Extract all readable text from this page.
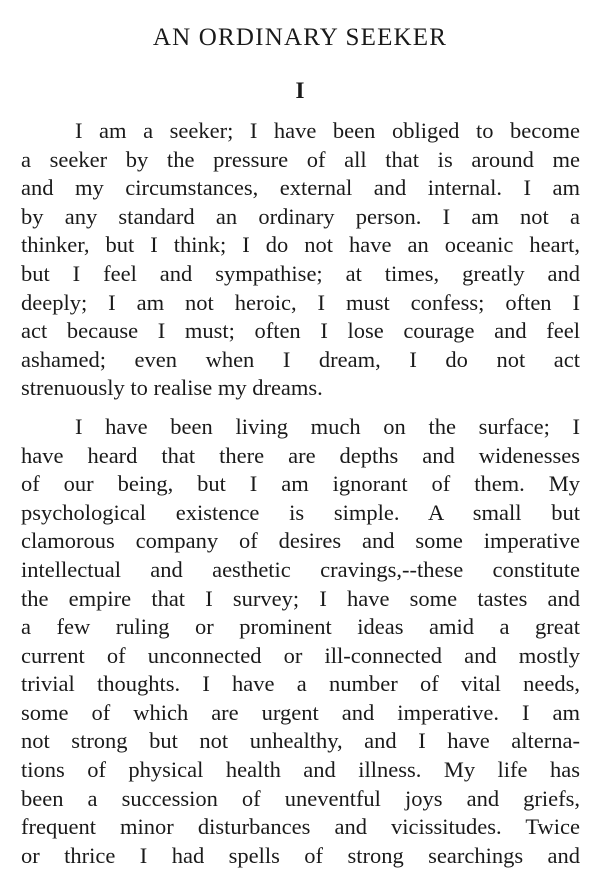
AN ORDINARY SEEKER
I

I am a seeker; I have been obliged to become
a seeker by the pressure of all that is around me
and my circumstances, external and internal. I am
by any standard an ordinary person. I am not a
thinker, but I think; I do not have an oceanic heart,
but I feel and sympathise; at times, greatly and
deeply; I am not heroic, I must confess; often I
act because I must; often I lose courage and feel
ashamed; even when I dream, I do not act
strenuously to realise my dreams.

I have been living much on the surface; I
have heard that there are depths and widenesses
of our being, but I am ignorant of them. My
psychological existence is simple. A small but
clamorous company of desires and some imperative
intellectual and aesthetic cravings,--these constitute
the empire that I survey; I have some tastes and
a few ruling or prominent ideas amid a great
current of unconnected or ill-connected and mostly
trivial thoughts. I have a number of vital needs,
some of which are urgent and imperative. I am
not strong but not unhealthy, and I have alterna-
tions of physical health and illness. My life has
been a succession of uneventful joys and griefs,
frequent minor disturbances and vicissitudes. Twice
or thrice I had spells of strong searchings and
